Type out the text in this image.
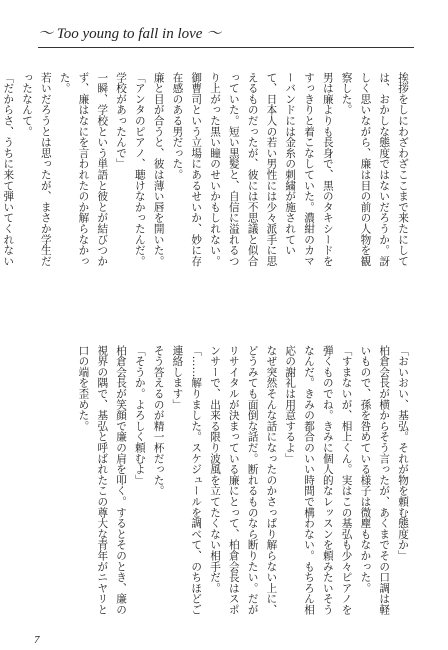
〜 Too young to fall in love 〜

挨拶をしにわざわざここまで来たにしては、おかしな態度ではないだろうか。訝しく思いながら、廉は目の前の人物を観察した。

男は廉よりも長身で、黒のタキシードをすっきりと着こなしていた。濃紺のカマーバンドには金糸の刺繍が施されていて、日本人の若い男性には少々派手に思えるものだったが、彼には不思議と似合っていた。短い黒髪と、自信に溢れるつり上がった黒い瞳のせいかもしれない。御曹司という立場にあるせいか、妙に存在感のある男だった。

廉と目が合うと、彼は薄い唇を開いた。

「アンタのピアノ、聴けなかったんだ。学校があったんで」

一瞬、学校という単語と彼とが結びつかず、廉はなにを言われたのか解らなかった。

若いだろうとは思ったが、まさか学生だったなんて。

「だからさ、うちに来て弾いてくれない

「おいおい、基弘。それが物を頼む態度か」

柏倉会長が横からそう言ったが、あくまでその口調は軽いもので、孫を咎めている様子は微塵もなかった。

「すまないが、相上くん。実はこの基弘も少々ピアノを弾くものでね。きみに個人的なレッスンを頼みたいそうなんだ。きみの都合のいい時間で構わない。もちろん相応の謝礼は用意するよ」

なぜ突然そんな話になったのかさっぱり解らない上に、どうみても面倒な話だ。断れるものなら断りたい。だがリサイタルが決まっている廉にとって、柏倉会長はスポンサーで、出来る限り波風を立てたくない相手だ。

「……解りました。スケジュールを調べて、のちほどご連絡します」

そう答えるのが精一杯だった。

「そうか。よろしく頼むよ」

柏倉会長が笑顔で廉の肩を叩く。するとそのとき、廉の視界の隅で、基弘と呼ばれたこの尊大な青年がニヤリと口の端を歪めた。

7
